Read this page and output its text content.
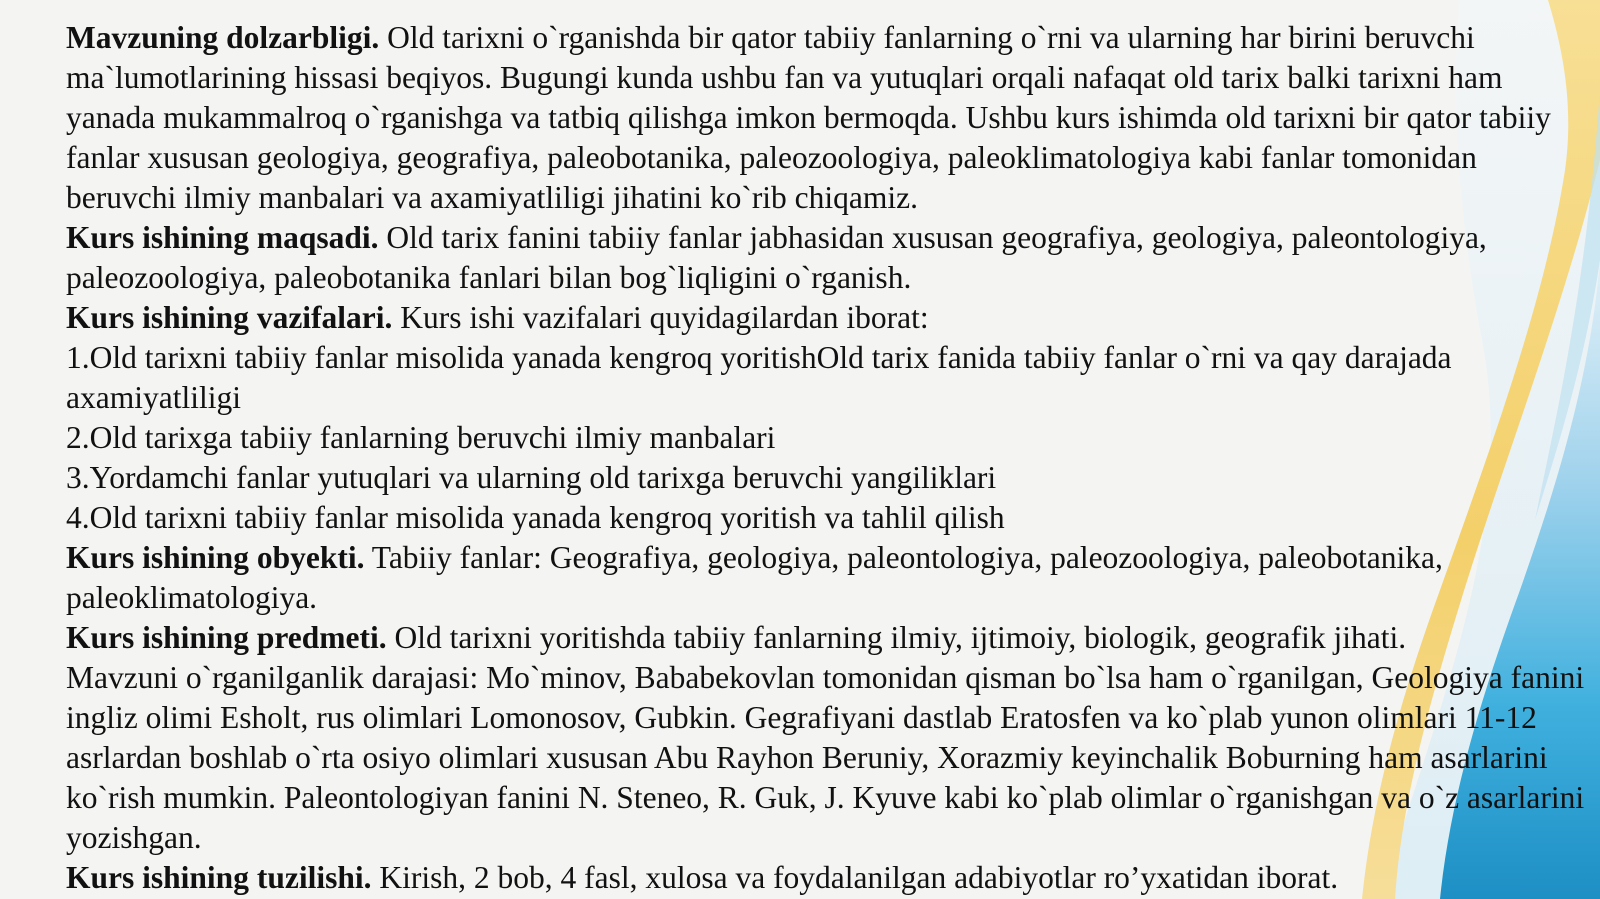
Mavzuning dolzarbligi. Old tarixni o`rganishda bir qator tabiiy fanlarning o`rni va ularning har birini beruvchi ma`lumotlarining hissasi beqiyos. Bugungi kunda ushbu fan va yutuqlari orqali nafaqat old tarix balki tarixni ham yanada mukammalroq o`rganishga va tatbiq qilishga imkon bermoqda. Ushbu kurs ishimda old tarixni bir qator tabiiy fanlar xususan geologiya, geografiya, paleobotanika, paleozoologiya, paleoklimatologiya kabi fanlar tomonidan beruvchi ilmiy manbalari va axamiyatliligi jihatini ko`rib chiqamiz.

Kurs ishining maqsadi. Old tarix fanini tabiiy fanlar jabhasidan xususan geografiya, geologiya, paleontologiya, paleozoologiya, paleobotanika fanlari bilan bog`liqligini o`rganish.

Kurs ishining vazifalari. Kurs ishi vazifalari quyidagilardan iborat:

1.Old tarixni tabiiy fanlar misolida yanada kengroq yoritishOld tarix fanida tabiiy fanlar o`rni va qay darajada axamiyatliligi

2.Old tarixga tabiiy fanlarning beruvchi ilmiy manbalari

3.Yordamchi fanlar yutuqlari va ularning old tarixga beruvchi yangiliklari

4.Old tarixni tabiiy fanlar misolida yanada kengroq yoritish va tahlil qilish

Kurs ishining obyekti. Tabiiy fanlar: Geografiya, geologiya, paleontologiya, paleozoologiya, paleobotanika, paleoklimatologiya.

Kurs ishining predmeti. Old tarixni yoritishda tabiiy fanlarning ilmiy, ijtimoiy, biologik, geografik jihati.

Mavzuni o`rganilganlik darajasi: Mo`minov, Bababekovlan tomonidan qisman bo`lsa ham o`rganilgan, Geologiya fanini ingliz olimi Esholt, rus olimlari Lomonosov, Gubkin. Gegrafiyani dastlab Eratosfen va ko`plab yunon olimlari 11-12 asrlardan boshlab o`rta osiyo olimlari xususan Abu Rayhon Beruniy, Xorazmiy keyinchalik Boburning ham asarlarini ko`rish mumkin. Paleontologiyan fanini N. Steneo, R. Guk, J. Kyuve kabi ko`plab olimlar o`rganishgan va o`z asarlarini yozishgan.

Kurs ishining tuzilishi. Kirish, 2 bob, 4 fasl, xulosa va foydalanilgan adabiyotlar ro’yxatidan iborat.
